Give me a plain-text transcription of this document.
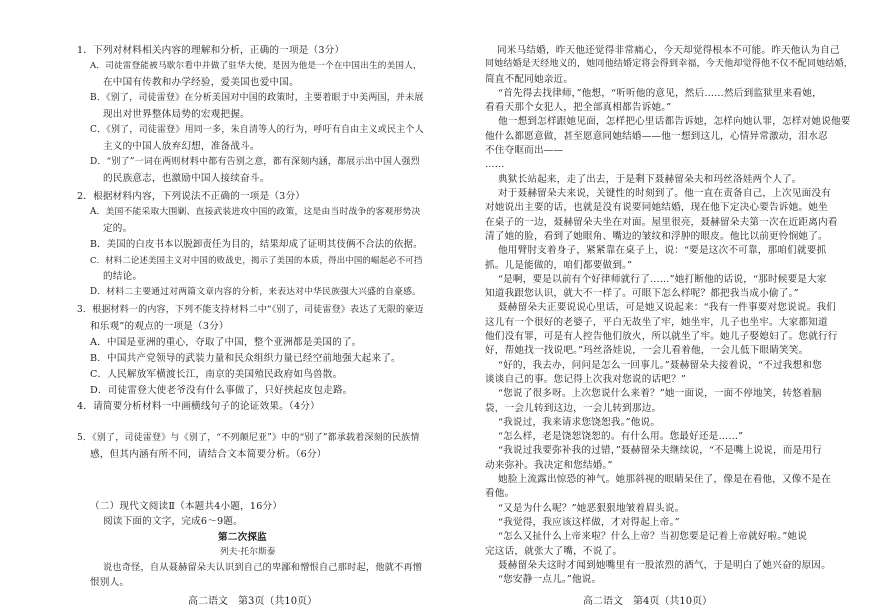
1．下列对材料相关内容的理解和分析，正确的一项是（3分）
A．司徒雷登能被马歇尔看中并做了驻华大使，是因为他是一个在中国出生的美国人，
在中国有传教和办学经验，爱美国也爱中国。
B．《别了，司徒雷登》在分析美国对中国的政策时，主要着眼于中美两国，并未展
现出对世界整体局势的宏观把握。
C．《别了，司徒雷登》用同一多，朱自清等人的行为，呼吁有自由主义或民主个人
主义的中国人放弃幻想，准备战斗。
D．“别了”一词在两则材料中都有告别之意，都有深刻内涵，都展示出中国人强烈
的民族意志，也激励中国人接续奋斗。
2．根据材料内容，下列说法不正确的一项是（3分）
A．美国不能采取大围剿、直接武装进攻中国的政策，这是由当时战争的客观形势决
定的。
B．美国的白皮书本以脱卸责任为目的，结果却成了证明其伎俩不合法的依据。
C．材料二论述美国主义对中国的败战史，揭示了美国的本质，得出中国的崛起必不可挡
的结论。
D．材料二主要通过对两篇文章内容的分析，来表达对中华民族强大兴盛的自豪感。
3．根据材料一的内容，下列不能支持材料二中“《别了，司徒雷登》表达了无限的豪迈
和乐观”的观点的一项是（3分）
A．中国是亚洲的重心，夺取了中国，整个亚洲都是美国的了。
B．中国共产党领导的武装力量和民众组织力量已经空前地强大起来了。
C．人民解放军横渡长江，南京的美国殖民政府如鸟兽散。
D．司徒雷登大使老爷没有什么事做了，只好挟起皮包走路。
4．请简要分析材料一中画横线句子的论证效果。（4分）
5．《别了，司徒雷登》与《别了，“不列颠尼亚”》中的“别了”都承载着深刻的民族情
感，但其内涵有所不同，请结合文本简要分析。（6分）
（二）现代文阅读Ⅱ（本题共4小题，16分）
阅读下面的文字，完成6～9题。
第二次探监
列夫·托尔斯泰
说也奇怪，自从聂赫留朵夫认识到自己的卑鄙和憎恨自己那时起，他就不再憎
恨别人。
高二语文　第3页（共10页）
同米马结婚，昨天他还觉得非常痛心，今天却觉得根本不可能。昨天他认为自己
同她结婚是天经地义的，她同他结婚定将会得到幸福，今天他却觉得他不仅不配同她结婚，
简直不配同她亲近。
“首先得去找律师，”他想，“听听他的意见，然后……然后到监狱里来看她，
看看天那个女犯人，把全部真相都告诉她。”
他一想到怎样跟她见面，怎样把心里话都告诉她，怎样向她认罪，怎样对她说他要
他什么都愿意做，甚至愿意同她结婚——他一想到这儿，心情异常激动，泪水忍
不住夺眶而出——
……
典狱长站起来，走了出去，于是剩下聂赫留朵夫和玛丝洛娃两个人了。
对于聂赫留朵夫来说，关键性的时刻到了。他一直在责备自己，上次见面没有
对她说出主要的话，也就是没有说要同她结婚，现在他下定决心要告诉她。她坐
在桌子的一边，聂赫留朵夫坐在对面。屋里很亮，聂赫留朵夫第一次在近距离内看
清了她的脸，看到了她眼角、嘴边的皱纹和浮肿的眼皮。他比以前更怜悯她了。
他用臂肘支着身子，紧紧靠在桌子上，说：“要是这次不可靠，那咱们就要抓
抓。儿是能做的，咱们都要做到。”
“是啊，要是以前有个好律师就行了……”她打断他的话说，“那时候要是大家
知道我跟您认识，就大不一样了。可眼下怎么样呢？都把我当成小偷了。”
聂赫留朵夫正要说说心里话，可是她又说起来：“我有一件事要对您说说。我们
这儿有一个很好的老婆子，平白无故坐了牢，她坐牢，儿子也坐牢。大家都知道
他们没有罪，可是有人控告他们放火，所以就坐了牢。她儿子娶媳妇了。您就行行
好，帮她找一找说吧。”玛丝洛娃说，一会儿看着他，一会儿低下眼睛笑笑。
“好的，我去办，问问是怎么一回事儿。”聂赫留朵夫接着说，“不过我想和您
谈谈自己的事。您记得上次我对您说的话吧？”
“您说了很多呀。上次您说什么来着？”她一面说，一面不停地笑，转悠着脑
袋，一会儿转到这边，一会儿转到那边。
“我说过，我来请求您饶恕我。”他说。
“怎么样，老是饶恕饶恕的。有什么用。您最好还是……”
“我说过我要弥补我的过错，”聂赫留朵夫继续说，“不是嘴上说说，而是用行
动来弥补。我决定和您结婚。”
她脸上流露出惊恐的神气。她那斜视的眼睛呆住了，像是在看他，又像不是在
看他。
“又是为什么呢？”她恶狠狠地皱着眉头说。
“我觉得，我应该这样做，才对得起上帝。”
“怎么又扯什么上帝来啦？什么上帝？当初您要是记着上帝就好啦。”她说
完这话，就张大了嘴，不说了。
聂赫留朵夫这时才闻到她嘴里有一股浓烈的酒气，于是明白了她兴奋的原因。
“您安静一点儿。”他说。
高二语文　第4页（共10页）
